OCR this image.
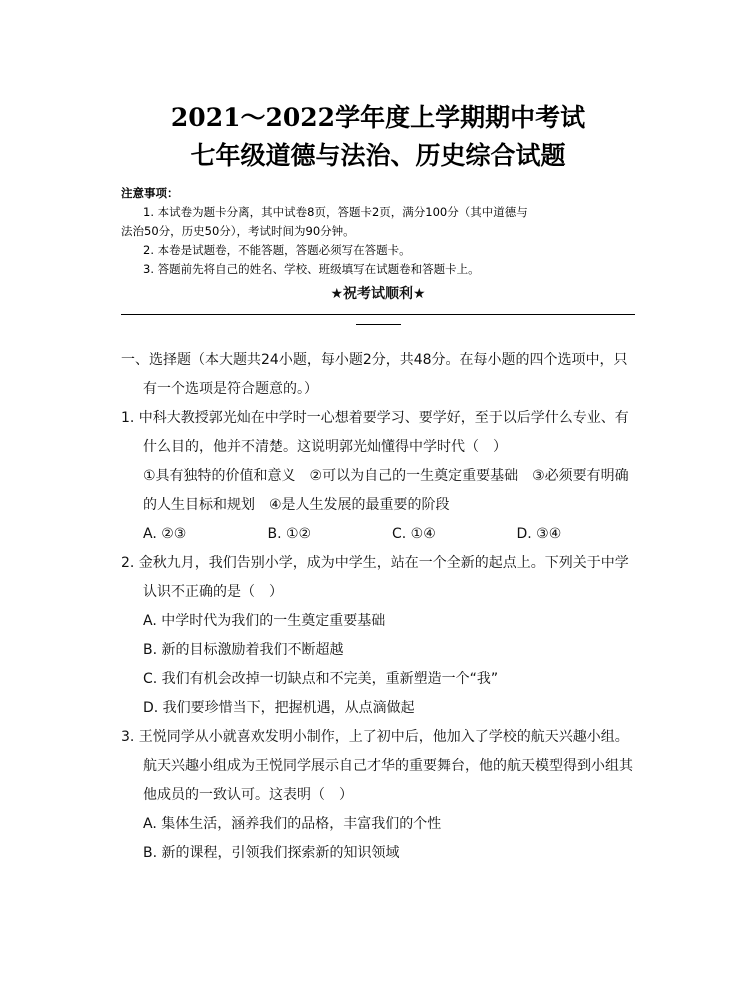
2021～2022学年度上学期期中考试
七年级道德与法治、历史综合试题
注意事项：
1. 本试卷为题卡分离，其中试卷8页，答题卡2页，满分100分（其中道德与
法治50分，历史50分），考试时间为90分钟。
2. 本卷是试题卷，不能答题，答题必须写在答题卡。
3. 答题前先将自己的姓名、学校、班级填写在试题卷和答题卡上。
★祝考试顺利★
一、选择题（本大题共24小题，每小题2分，共48分。在每小题的四个选项中，只
有一个选项是符合题意的。）
1. 中科大教授郭光灿在中学时一心想着要学习、要学好，至于以后学什么专业、有
什么目的，他并不清楚。这说明郭光灿懂得中学时代（　）
①具有独特的价值和意义　②可以为自己的一生奠定重要基础　③必须要有明确
的人生目标和规划　④是人生发展的最重要的阶段
A. ②③	B. ①②	C. ①④	D. ③④
2. 金秋九月，我们告别小学，成为中学生，站在一个全新的起点上。下列关于中学
认识不正确的是（　）
A. 中学时代为我们的一生奠定重要基础
B. 新的目标激励着我们不断超越
C. 我们有机会改掉一切缺点和不完美，重新塑造一个“我”
D. 我们要珍惜当下，把握机遇，从点滴做起
3. 王悦同学从小就喜欢发明小制作，上了初中后，他加入了学校的航天兴趣小组。
航天兴趣小组成为王悦同学展示自己才华的重要舞台，他的航天模型得到小组其
他成员的一致认可。这表明（　）
A. 集体生活，涵养我们的品格，丰富我们的个性
B. 新的课程，引领我们探索新的知识领域
